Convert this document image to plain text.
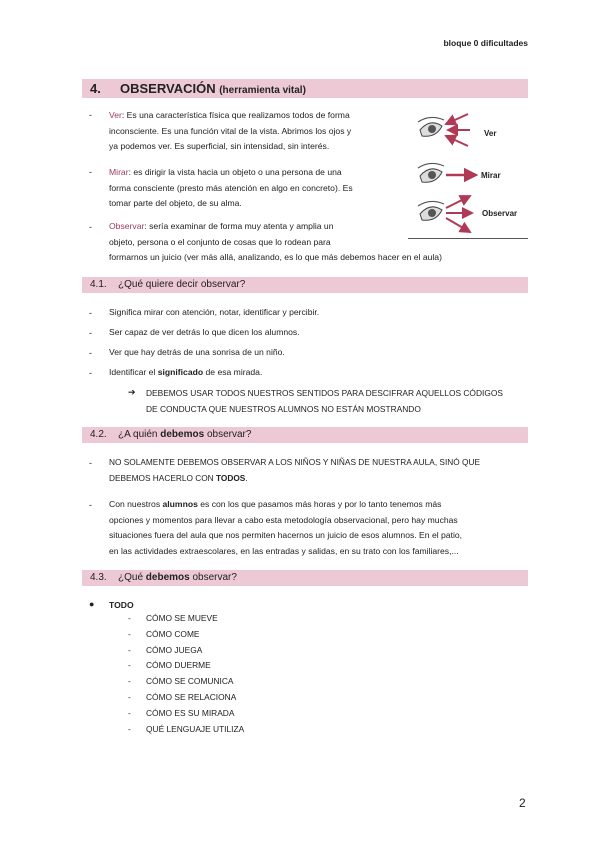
bloque 0 dificultades
4. OBSERVACIÓN (herramienta vital)
- Ver: Es una característica física que realizamos todos de forma
inconsciente. Es una función vital de la vista. Abrimos los ojos y
ya podemos ver. Es superficial, sin intensidad, sin interés.
- Mirar: es dirigir la vista hacia un objeto o una persona de una
forma consciente (presto más atención en algo en concreto). Es
tomar parte del objeto, de su alma.
- Observar: sería examinar de forma muy atenta y amplia un
objeto, persona o el conjunto de cosas que lo rodean para
formarnos un juicio (ver más allá, analizando, es lo que más debemos hacer en el aula)
Ver
Mirar
Observar
4.1. ¿Qué quiere decir observar?
- Significa mirar con atención, notar, identificar y percibir.
- Ser capaz de ver detrás lo que dicen los alumnos.
- Ver que hay detrás de una sonrisa de un niño.
- Identificar el significado de esa mirada.
➔ DEBEMOS USAR TODOS NUESTROS SENTIDOS PARA DESCIFRAR AQUELLOS CÓDIGOS
DE CONDUCTA QUE NUESTROS ALUMNOS NO ESTÁN MOSTRANDO
4.2. ¿A quién debemos observar?
- NO SOLAMENTE DEBEMOS OBSERVAR A LOS NIÑOS Y NIÑAS DE NUESTRA AULA, SINÓ QUE
DEBEMOS HACERLO CON TODOS.
- Con nuestros alumnos es con los que pasamos más horas y por lo tanto tenemos más
opciones y momentos para llevar a cabo esta metodología observacional, pero hay muchas
situaciones fuera del aula que nos permiten hacernos un juicio de esos alumnos. En el patio,
en las actividades extraescolares, en las entradas y salidas, en su trato con los familiares,...
4.3. ¿Qué debemos observar?
● TODO
- CÓMO SE MUEVE
- CÓMO COME
- CÓMO JUEGA
- CÓMO DUERME
- CÓMO SE COMUNICA
- CÓMO SE RELACIONA
- CÓMO ES SU MIRADA
- QUÉ LENGUAJE UTILIZA
2
